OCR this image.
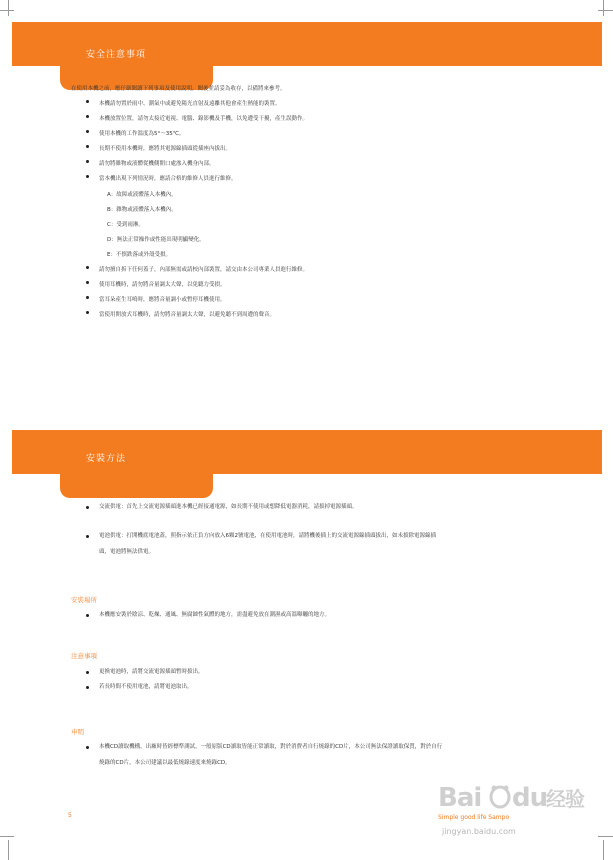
安全注意事項
在使用本機之前，應仔細閱讀下列事項及使用說明，閱後並請妥為收存，以備將來參考。
本機請勿置於雨中、潮氣中或避免陽光直射及遠離其他會產生熱能的裝置。
本機放置位置，請勿太接近電視、電腦、錄影機及手機，以免遭受干擾，產生誤動作。
使用本機的工作溫度為5°～35℃。
長期不使用本機時，應將其電源線插頭從插座內拔出。
請勿將雜物或液體從機側開口處滲入機身內部。
當本機出現下列情況時，應請合格的維修人員進行維修。
A：故障或液體落入本機內。
B：雜物或液體落入本機內。
C：受到雨淋。
D：無法正常操作或性能出現明顯變化。
E：不慎跌落或外殼受損。
請勿擅自拆下任何蓋子，內部無需或請校內部裝置，請交由本公司專業人員進行維修。
使用耳機時，請勿將音量調太大聲，以免聽力受損。
當耳朵產生耳鳴時，應將音量調小或暫停耳機使用。
當使用開放式耳機時，請勿將音量調太大聲，以避免聽不到周遭的聲音。
安裝方法
安裝步驟
交流供電：首先上交流電源插頭進本機已經接通電源，如長期不使用或想降低電器消耗，請拔掉電源插頭。
電池供電：打開機底電池蓋，照指示依正負方向放入6顆2號電池，在使用電池時，請將機後插上的交流電源線插頭拔出，如未拔除電源線插頭，電池將無法供電。
安裝場所
本機應安裝於陰涼、乾燥、通風、無腐蝕性氣體的地方，需盡避免放在潮濕或高溫曝曬的地方。
注意事項
更換電池時，請將交流電源插頭暫時拔出。
若長時間不使用電池，請將電池取出。
申明
本機CD讀取機構，出廠時皆經標準測試，一般原版CD讀取皆能正常讀取，對於消費者自行燒錄的CD片，本公司無法保證讀取保質，對於自行燒錄的CD片，本公司建議以最低燒錄速度來燒錄CD。
5
Bai du
经验
Simple good life Sampo
jingyan.baidu.com
